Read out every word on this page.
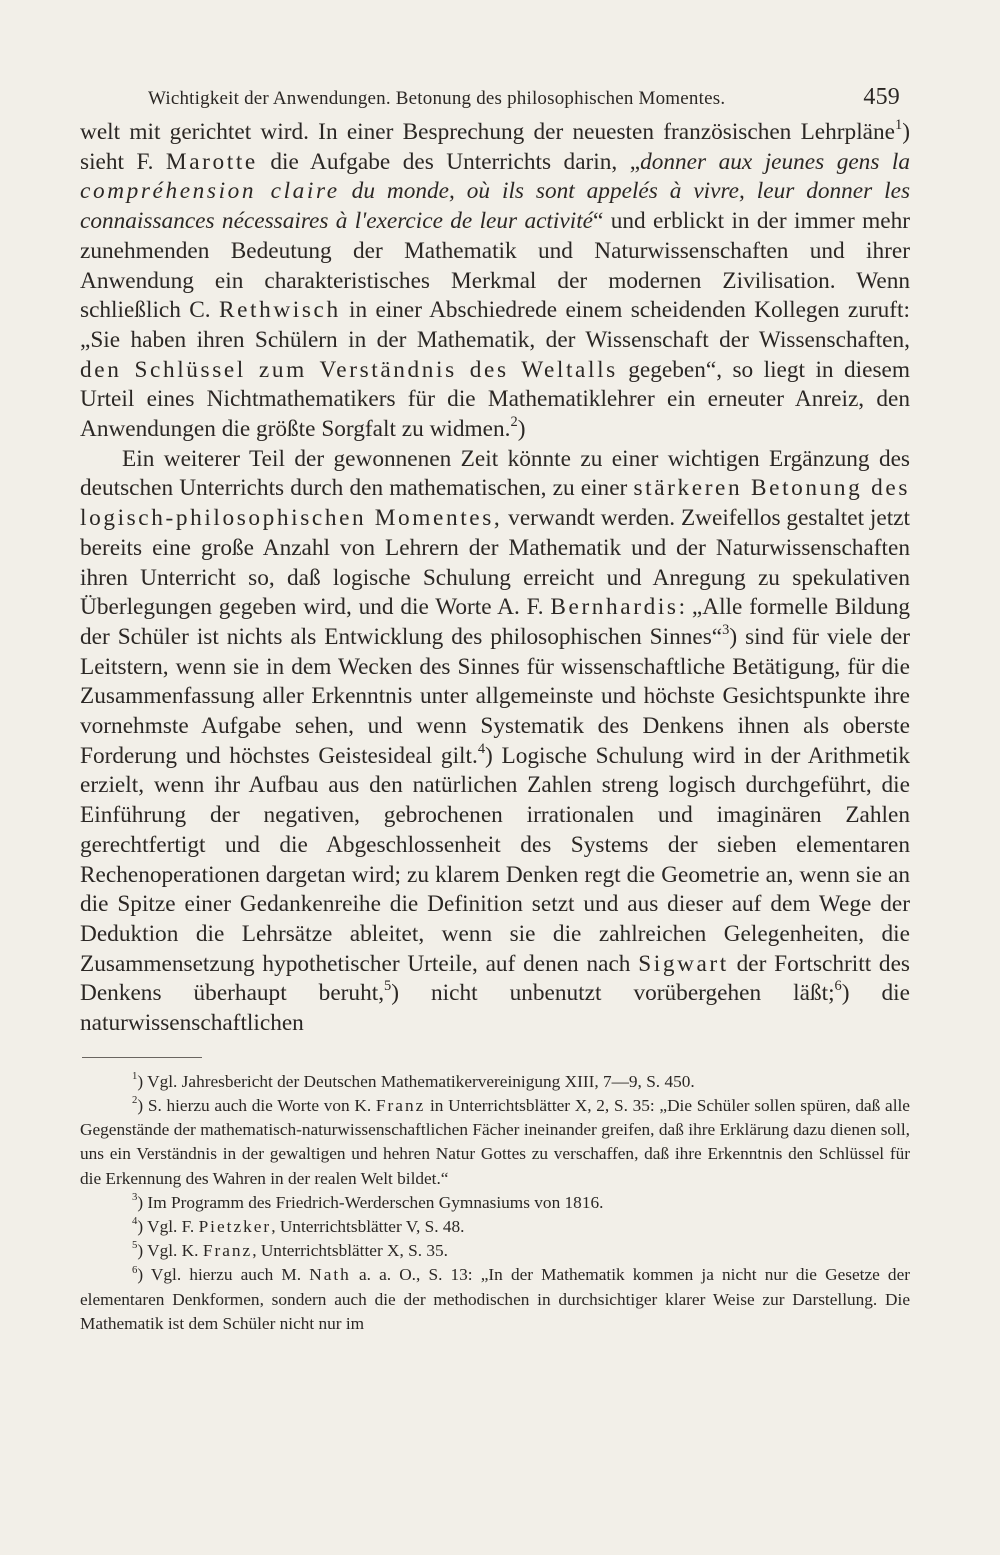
Wichtigkeit der Anwendungen. Betonung des philosophischen Momentes.	459

welt mit gerichtet wird. In einer Besprechung der neuesten französischen Lehrpläne$^1$) sieht F. Marotte die Aufgabe des Unterrichts darin, „donner aux jeunes gens la compréhension claire du monde, où ils sont appelés à vivre, leur donner les connaissances nécessaires à l'exercice de leur activité“ und erblickt in der immer mehr zunehmenden Bedeutung der Mathematik und Naturwissenschaften und ihrer Anwendung ein charakteristisches Merkmal der modernen Zivilisation. Wenn schließlich C. Rethwisch in einer Abschiedrede einem scheidenden Kollegen zuruft: „Sie haben ihren Schülern in der Mathematik, der Wissenschaft der Wissenschaften, den Schlüssel zum Verständnis des Weltalls gegeben“, so liegt in diesem Urteil eines Nichtmathematikers für die Mathematiklehrer ein erneuter Anreiz, den Anwendungen die größte Sorgfalt zu widmen.$^2$)

Ein weiterer Teil der gewonnenen Zeit könnte zu einer wichtigen Ergänzung des deutschen Unterrichts durch den mathematischen, zu einer stärkeren Betonung des logisch-philosophischen Momentes, verwandt werden. Zweifellos gestaltet jetzt bereits eine große Anzahl von Lehrern der Mathematik und der Naturwissenschaften ihren Unterricht so, daß logische Schulung erreicht und Anregung zu spekulativen Überlegungen gegeben wird, und die Worte A. F. Bernhardis: „Alle formelle Bildung der Schüler ist nichts als Entwicklung des philosophischen Sinnes“$^3$) sind für viele der Leitstern, wenn sie in dem Wecken des Sinnes für wissenschaftliche Betätigung, für die Zusammenfassung aller Erkenntnis unter allgemeinste und höchste Gesichtspunkte ihre vornehmste Aufgabe sehen, und wenn Systematik des Denkens ihnen als oberste Forderung und höchstes Geistesideal gilt.$^4$) Logische Schulung wird in der Arithmetik erzielt, wenn ihr Aufbau aus den natürlichen Zahlen streng logisch durchgeführt, die Einführung der negativen, gebrochenen irrationalen und imaginären Zahlen gerechtfertigt und die Abgeschlossenheit des Systems der sieben elementaren Rechenoperationen dargetan wird; zu klarem Denken regt die Geometrie an, wenn sie an die Spitze einer Gedankenreihe die Definition setzt und aus dieser auf dem Wege der Deduktion die Lehrsätze ableitet, wenn sie die zahlreichen Gelegenheiten, die Zusammensetzung hypothetischer Urteile, auf denen nach Sigwart der Fortschritt des Denkens überhaupt beruht,$^5$) nicht unbenutzt vorübergehen läßt;$^6$) die naturwissenschaftlichen

$^1$) Vgl. Jahresbericht der Deutschen Mathematikervereinigung XIII, 7—9, S. 450.

$^2$) S. hierzu auch die Worte von K. Franz in Unterrichtsblätter X, 2, S. 35: „Die Schüler sollen spüren, daß alle Gegenstände der mathematisch-naturwissenschaftlichen Fächer ineinander greifen, daß ihre Erklärung dazu dienen soll, uns ein Verständnis in der gewaltigen und hehren Natur Gottes zu verschaffen, daß ihre Erkenntnis den Schlüssel für die Erkennung des Wahren in der realen Welt bildet.“

$^3$) Im Programm des Friedrich-Werderschen Gymnasiums von 1816.

$^4$) Vgl. F. Pietzker, Unterrichtsblätter V, S. 48.

$^5$) Vgl. K. Franz, Unterrichtsblätter X, S. 35.

$^6$) Vgl. hierzu auch M. Nath a. a. O., S. 13: „In der Mathematik kommen ja nicht nur die Gesetze der elementaren Denkformen, sondern auch die der methodischen in durchsichtiger klarer Weise zur Darstellung. Die Mathematik ist dem Schüler nicht nur im
